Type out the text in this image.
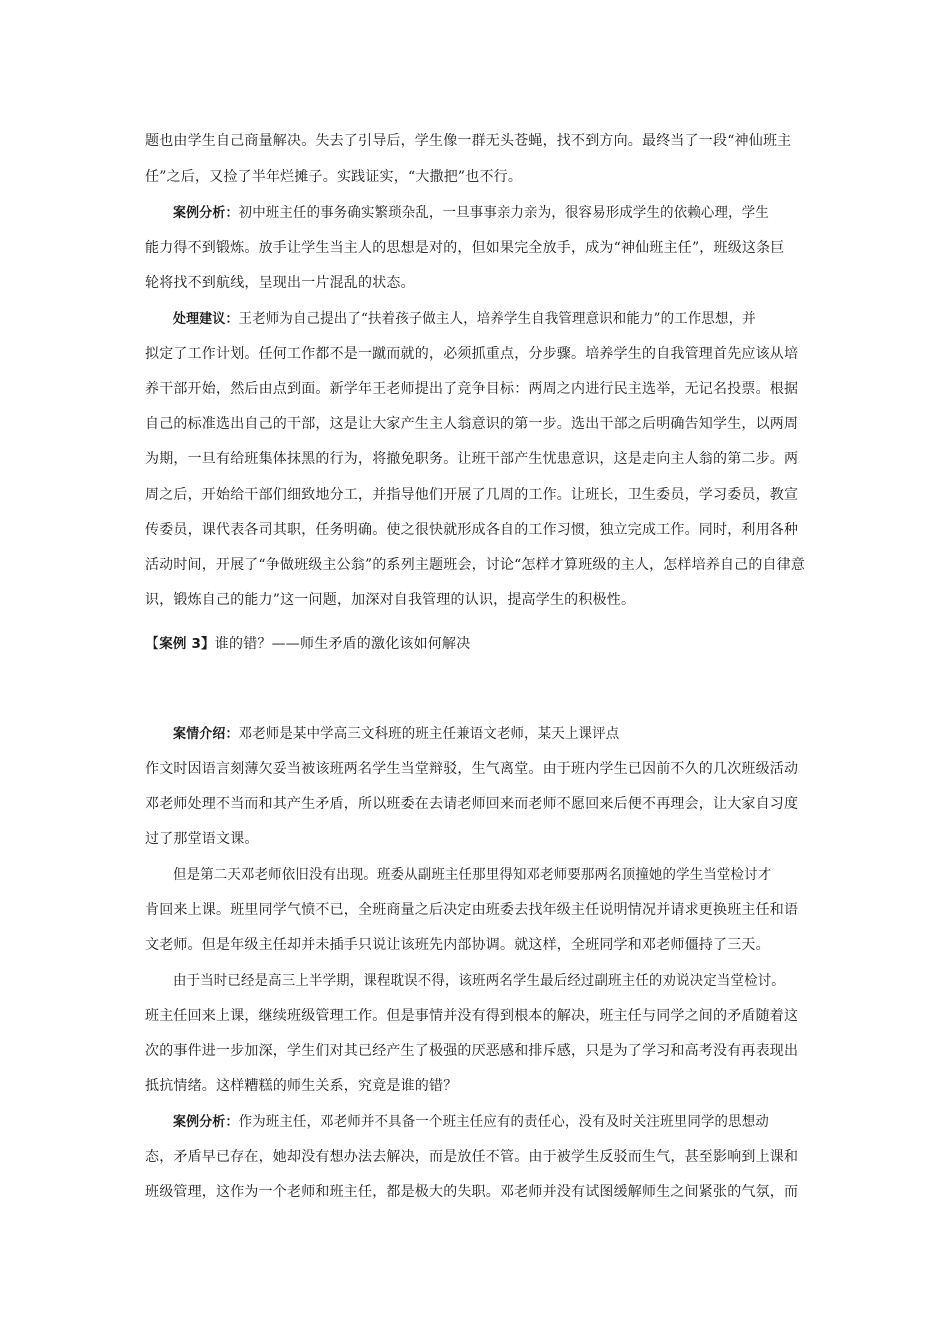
题也由学生自己商量解决。失去了引导后，学生像一群无头苍蝇，找不到方向。最终当了一段“神仙班主
任”之后，又捡了半年烂摊子。实践证实，“大撒把”也不行。
案例分析：初中班主任的事务确实繁琐杂乱，一旦事事亲力亲为，很容易形成学生的依赖心理，学生
能力得不到锻炼。放手让学生当主人的思想是对的，但如果完全放手，成为“神仙班主任”，班级这条巨
轮将找不到航线，呈现出一片混乱的状态。
处理建议：王老师为自己提出了“扶着孩子做主人，培养学生自我管理意识和能力”的工作思想，并
拟定了工作计划。任何工作都不是一蹴而就的，必须抓重点，分步骤。培养学生的自我管理首先应该从培
养干部开始，然后由点到面。新学年王老师提出了竞争目标：两周之内进行民主选举，无记名投票。根据
自己的标准选出自己的干部，这是让大家产生主人翁意识的第一步。选出干部之后明确告知学生，以两周
为期，一旦有给班集体抹黑的行为，将撤免职务。让班干部产生忧患意识，这是走向主人翁的第二步。两
周之后，开始给干部们细致地分工，并指导他们开展了几周的工作。让班长，卫生委员，学习委员，教宣
传委员，课代表各司其职，任务明确。使之很快就形成各自的工作习惯，独立完成工作。同时，利用各种
活动时间，开展了“争做班级主公翁”的系列主题班会，讨论“怎样才算班级的主人，怎样培养自己的自律意
识，锻炼自己的能力”这一问题，加深对自我管理的认识，提高学生的积极性。
【案例 3】谁的错？——师生矛盾的激化该如何解决
案情介绍：邓老师是某中学高三文科班的班主任兼语文老师，某天上课评点
作文时因语言刻薄欠妥当被该班两名学生当堂辩驳，生气离堂。由于班内学生已因前不久的几次班级活动
邓老师处理不当而和其产生矛盾，所以班委在去请老师回来而老师不愿回来后便不再理会，让大家自习度
过了那堂语文课。
但是第二天邓老师依旧没有出现。班委从副班主任那里得知邓老师要那两名顶撞她的学生当堂检讨才
肯回来上课。班里同学气愤不已，全班商量之后决定由班委去找年级主任说明情况并请求更换班主任和语
文老师。但是年级主任却并未插手只说让该班先内部协调。就这样，全班同学和邓老师僵持了三天。
由于当时已经是高三上半学期，课程耽误不得，该班两名学生最后经过副班主任的劝说决定当堂检讨。
班主任回来上课，继续班级管理工作。但是事情并没有得到根本的解决，班主任与同学之间的矛盾随着这
次的事件进一步加深，学生们对其已经产生了极强的厌恶感和排斥感，只是为了学习和高考没有再表现出
抵抗情绪。这样糟糕的师生关系，究竟是谁的错？
案例分析：作为班主任，邓老师并不具备一个班主任应有的责任心，没有及时关注班里同学的思想动
态，矛盾早已存在，她却没有想办法去解决，而是放任不管。由于被学生反驳而生气，甚至影响到上课和
班级管理，这作为一个老师和班主任，都是极大的失职。邓老师并没有试图缓解师生之间紧张的气氛，而
